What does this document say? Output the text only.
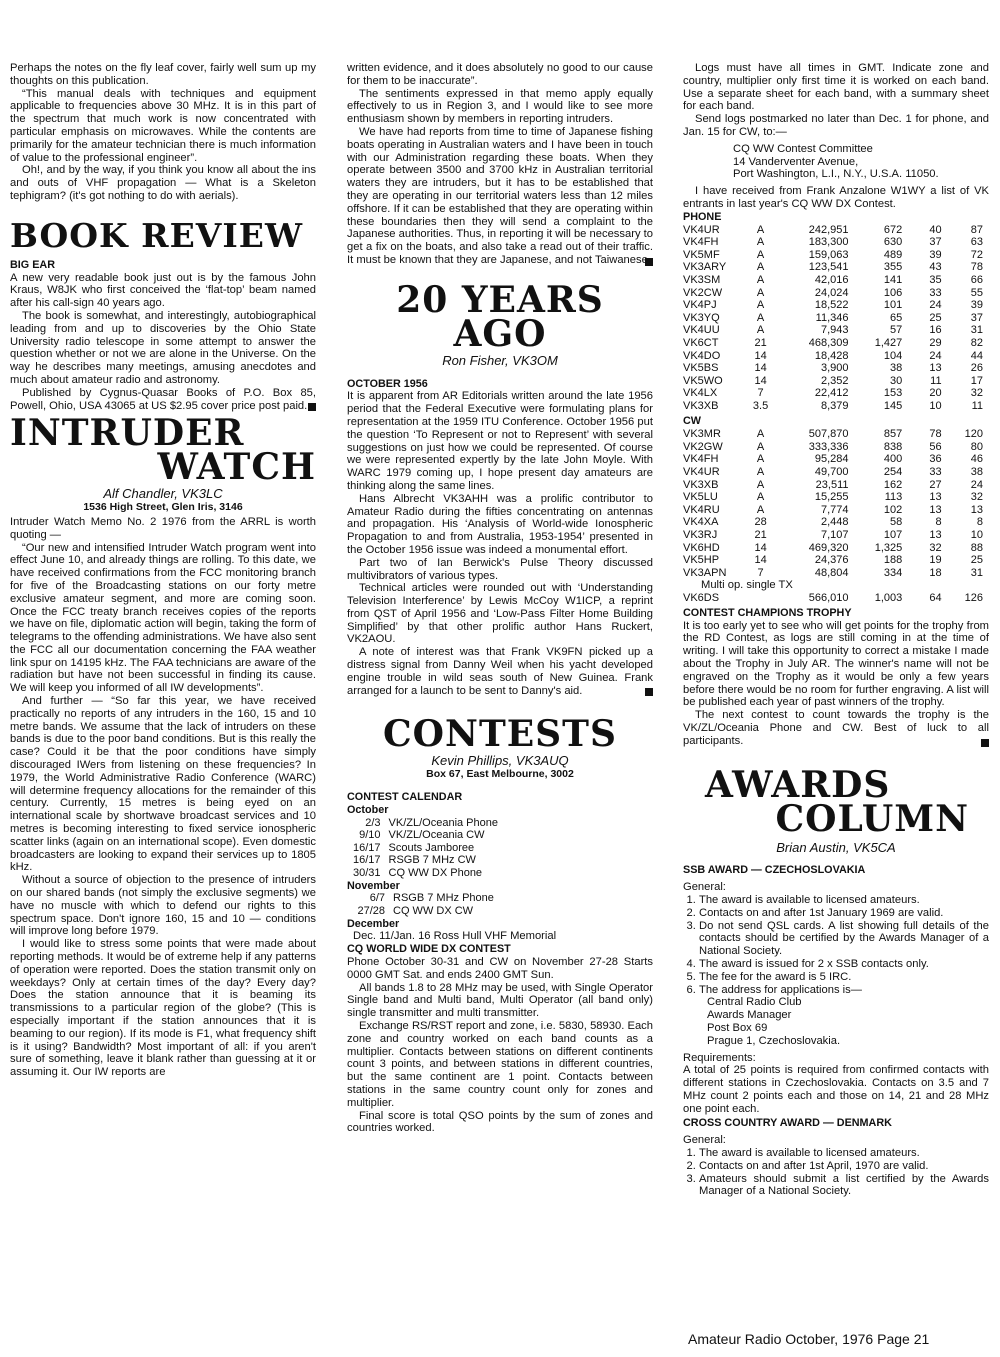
Perhaps the notes on the fly leaf cover, fairly well sum up my thoughts on this publication.

“This manual deals with techniques and equipment applicable to frequencies above 30 MHz. It is in this part of the spectrum that much work is now concentrated with particular emphasis on microwaves. While the contents are primarily for the amateur technician there is much information of value to the professional engineer”.

Oh!, and by the way, if you think you know all about the ins and outs of VHF propagation — What is a Skeleton tephigram? (it's got nothing to do with aerials).

BOOK REVIEW
BIG EAR

A new very readable book just out is by the famous John Kraus, W8JK who first conceived the ‘flat-top’ beam named after his call-sign 40 years ago.

The book is somewhat, and interestingly, autobiographical leading from and up to discoveries by the Ohio State University radio telescope in some attempt to answer the question whether or not we are alone in the Universe. On the way he describes many meetings, amusing anecdotes and much about amateur radio and astronomy.

Published by Cygnus-Quasar Books of P.O. Box 85, Powell, Ohio, USA 43065 at US $2.95 cover price post paid.

INTRUDER
WATCH
Alf Chandler, VK3LC
1536 High Street, Glen Iris, 3146

Intruder Watch Memo No. 2 1976 from the ARRL is worth quoting —

“Our new and intensified Intruder Watch program went into effect June 10, and already things are rolling. To this date, we have received confirmations from the FCC monitoring branch for five of the Broadcasting stations on our forty metre exclusive amateur segment, and more are coming soon. Once the FCC treaty branch receives copies of the reports we have on file, diplomatic action will begin, taking the form of telegrams to the offending administrations. We have also sent the FCC all our documentation concerning the FAA weather link spur on 14195 kHz. The FAA technicians are aware of the radiation but have not been successful in finding its cause. We will keep you informed of all IW developments”.

And further — “So far this year, we have received practically no reports of any intruders in the 160, 15 and 10 metre bands. We assume that the lack of intruders on these bands is due to the poor band conditions. But is this really the case? Could it be that the poor conditions have simply discouraged IWers from listening on these frequencies? In 1979, the World Administrative Radio Conference (WARC) will determine frequency allocations for the remainder of this century. Currently, 15 metres is being eyed on an international scale by shortwave broadcast services and 10 metres is becoming interesting to fixed service ionospheric scatter links (again on an international scope). Even domestic broadcasters are looking to expand their services up to 1805 kHz.

Without a source of objection to the presence of intruders on our shared bands (not simply the exclusive segments) we have no muscle with which to defend our rights to this spectrum space. Don't ignore 160, 15 and 10 — conditions will improve long before 1979.

I would like to stress some points that were made about reporting methods. It would be of extreme help if any patterns of operation were reported. Does the station transmit only on weekdays? Only at certain times of the day? Every day? Does the station announce that it is beaming its transmissions to a particular region of the globe? (This is especially important if the station announces that it is beaming to our region). If its mode is F1, what frequency shift is it using? Bandwidth? Most important of all: if you aren't sure of something, leave it blank rather than guessing at it or assuming it. Our IW reports are

written evidence, and it does absolutely no good to our cause for them to be inaccurate”.

The sentiments expressed in that memo apply equally effectively to us in Region 3, and I would like to see more enthusiasm shown by members in reporting intruders.

We have had reports from time to time of Japanese fishing boats operating in Australian waters and I have been in touch with our Administration regarding these boats. When they operate between 3500 and 3700 kHz in Australian territorial waters they are intruders, but it has to be established that they are operating in our territorial waters less than 12 miles offshore. If it can be established that they are operating within these boundaries then they will send a complaint to the Japanese authorities. Thus, in reporting it will be necessary to get a fix on the boats, and also take a read out of their traffic. It must be known that they are Japanese, and not Taiwanese.

20 YEARS AGO
Ron Fisher, VK3OM
OCTOBER 1956

It is apparent from AR Editorials written around the late 1956 period that the Federal Executive were formulating plans for representation at the 1959 ITU Conference. October 1956 put the question ‘To Represent or not to Represent’ with several suggestions on just how we could be represented. Of course we were represented expertly by the late John Moyle. With WARC 1979 coming up, I hope present day amateurs are thinking along the same lines.

Hans Albrecht VK3AHH was a prolific contributor to Amateur Radio during the fifties concentrating on antennas and propagation. His ‘Analysis of World-wide Ionospheric Propagation to and from Australia, 1953-1954’ presented in the October 1956 issue was indeed a monumental effort.

Part two of Ian Berwick's Pulse Theory discussed multivibrators of various types.

Technical articles were rounded out with ‘Understanding Television Interference’ by Lewis McCoy W1ICP, a reprint from QST of April 1956 and ‘Low-Pass Filter Home Building Simplified’ by that other prolific author Hans Ruckert, VK2AOU.

A note of interest was that Frank VK9FN picked up a distress signal from Danny Weil when his yacht developed engine trouble in wild seas south of New Guinea. Frank arranged for a launch to be sent to Danny's aid.

CONTESTS
Kevin Phillips, VK3AUQ
Box 67, East Melbourne, 3002
CONTEST CALENDAR
October
2/3	VK/ZL/Oceania Phone
9/10	VK/ZL/Oceania CW
16/17	Scouts Jamboree
16/17	RSGB 7 MHz CW
30/31	CQ WW DX Phone
November
6/7	RSGB 7 MHz Phone
27/28	CQ WW DX CW
December

Dec. 11/Jan. 16 Ross Hull VHF Memorial

CQ WORLD WIDE DX CONTEST

Phone October 30-31 and CW on November 27-28 Starts 0000 GMT Sat. and ends 2400 GMT Sun.

All bands 1.8 to 28 MHz may be used, with Single Operator Single band and Multi band, Multi Operator (all band only) single transmitter and multi transmitter.

Exchange RS/RST report and zone, i.e. 5830, 58930. Each zone and country worked on each band counts as a multiplier. Contacts between stations on different continents count 3 points, and between stations in different countries, but the same continent are 1 point. Contacts between stations in the same country count only for zones and multiplier.

Final score is total QSO points by the sum of zones and countries worked.

Logs must have all times in GMT. Indicate zone and country, multiplier only first time it is worked on each band. Use a separate sheet for each band, with a summary sheet for each band.

Send logs postmarked no later than Dec. 1 for phone, and Jan. 15 for CW, to:—

CQ WW Contest Committee
14 Vanderventer Avenue,
Port Washington, L.I., N.Y., U.S.A. 11050.

I have received from Frank Anzalone W1WY a list of VK entrants in last year's CQ WW DX Contest.

PHONE
VK4UR	A	242,951	672	40	87
VK4FH	A	183,300	630	37	63
VK5MF	A	159,063	489	39	72
VK3ARY	A	123,541	355	43	78
VK3SM	A	42,016	141	35	66
VK2CW	A	24,024	106	33	55
VK4PJ	A	18,522	101	24	39
VK3YQ	A	11,346	65	25	37
VK4UU	A	7,943	57	16	31
VK6CT	21	468,309	1,427	29	82
VK4DO	14	18,428	104	24	44
VK5BS	14	3,900	38	13	26
VK5WO	14	2,352	30	11	17
VK4LX	7	22,412	153	20	32
VK3XB	3.5	8,379	145	10	11
CW
VK3MR	A	507,870	857	78	120
VK2GW	A	333,336	838	56	80
VK4FH	A	95,284	400	36	46
VK4UR	A	49,700	254	33	38
VK3XB	A	23,511	162	27	24
VK5LU	A	15,255	113	13	32
VK4RU	A	7,774	102	13	13
VK4XA	28	2,448	58	8	8
VK3RJ	21	7,107	107	13	10
VK6HD	14	469,320	1,325	32	88
VK5HP	14	24,376	188	19	25
VK3APN	7	48,804	334	18	31
Multi op. single TX
VK6DS		566,010	1,003	64	126
CONTEST CHAMPIONS TROPHY

It is too early yet to see who will get points for the trophy from the RD Contest, as logs are still coming in at the time of writing. I will take this opportunity to correct a mistake I made about the Trophy in July AR. The winner's name will not be engraved on the Trophy as it would be only a few years before there would be no room for further engraving. A list will be published each year of past winners of the trophy.

The next contest to count towards the trophy is the VK/ZL/Oceania Phone and CW. Best of luck to all participants.

AWARDS
COLUMN
Brian Austin, VK5CA
SSB AWARD — CZECHOSLOVAKIA
General:
1. The award is available to licensed amateurs.
2. Contacts on and after 1st January 1969 are valid.
3. Do not send QSL cards. A list showing full details of the contacts should be certified by the Awards Manager of a National Society.
4. The award is issued for 2 x SSB contacts only.
5. The fee for the award is 5 IRC.
6. The address for applications is—
Central Radio Club
Awards Manager
Post Box 69
Prague 1, Czechoslovakia.
Requirements:

A total of 25 points is required from confirmed contacts with different stations in Czechoslovakia. Contacts on 3.5 and 7 MHz count 2 points each and those on 14, 21 and 28 MHz one point each.

CROSS COUNTRY AWARD — DENMARK
General:
1. The award is available to licensed amateurs.
2. Contacts on and after 1st April, 1970 are valid.
3. Amateurs should submit a list certified by the Awards Manager of a National Society.
Amateur Radio October, 1976 Page 21
